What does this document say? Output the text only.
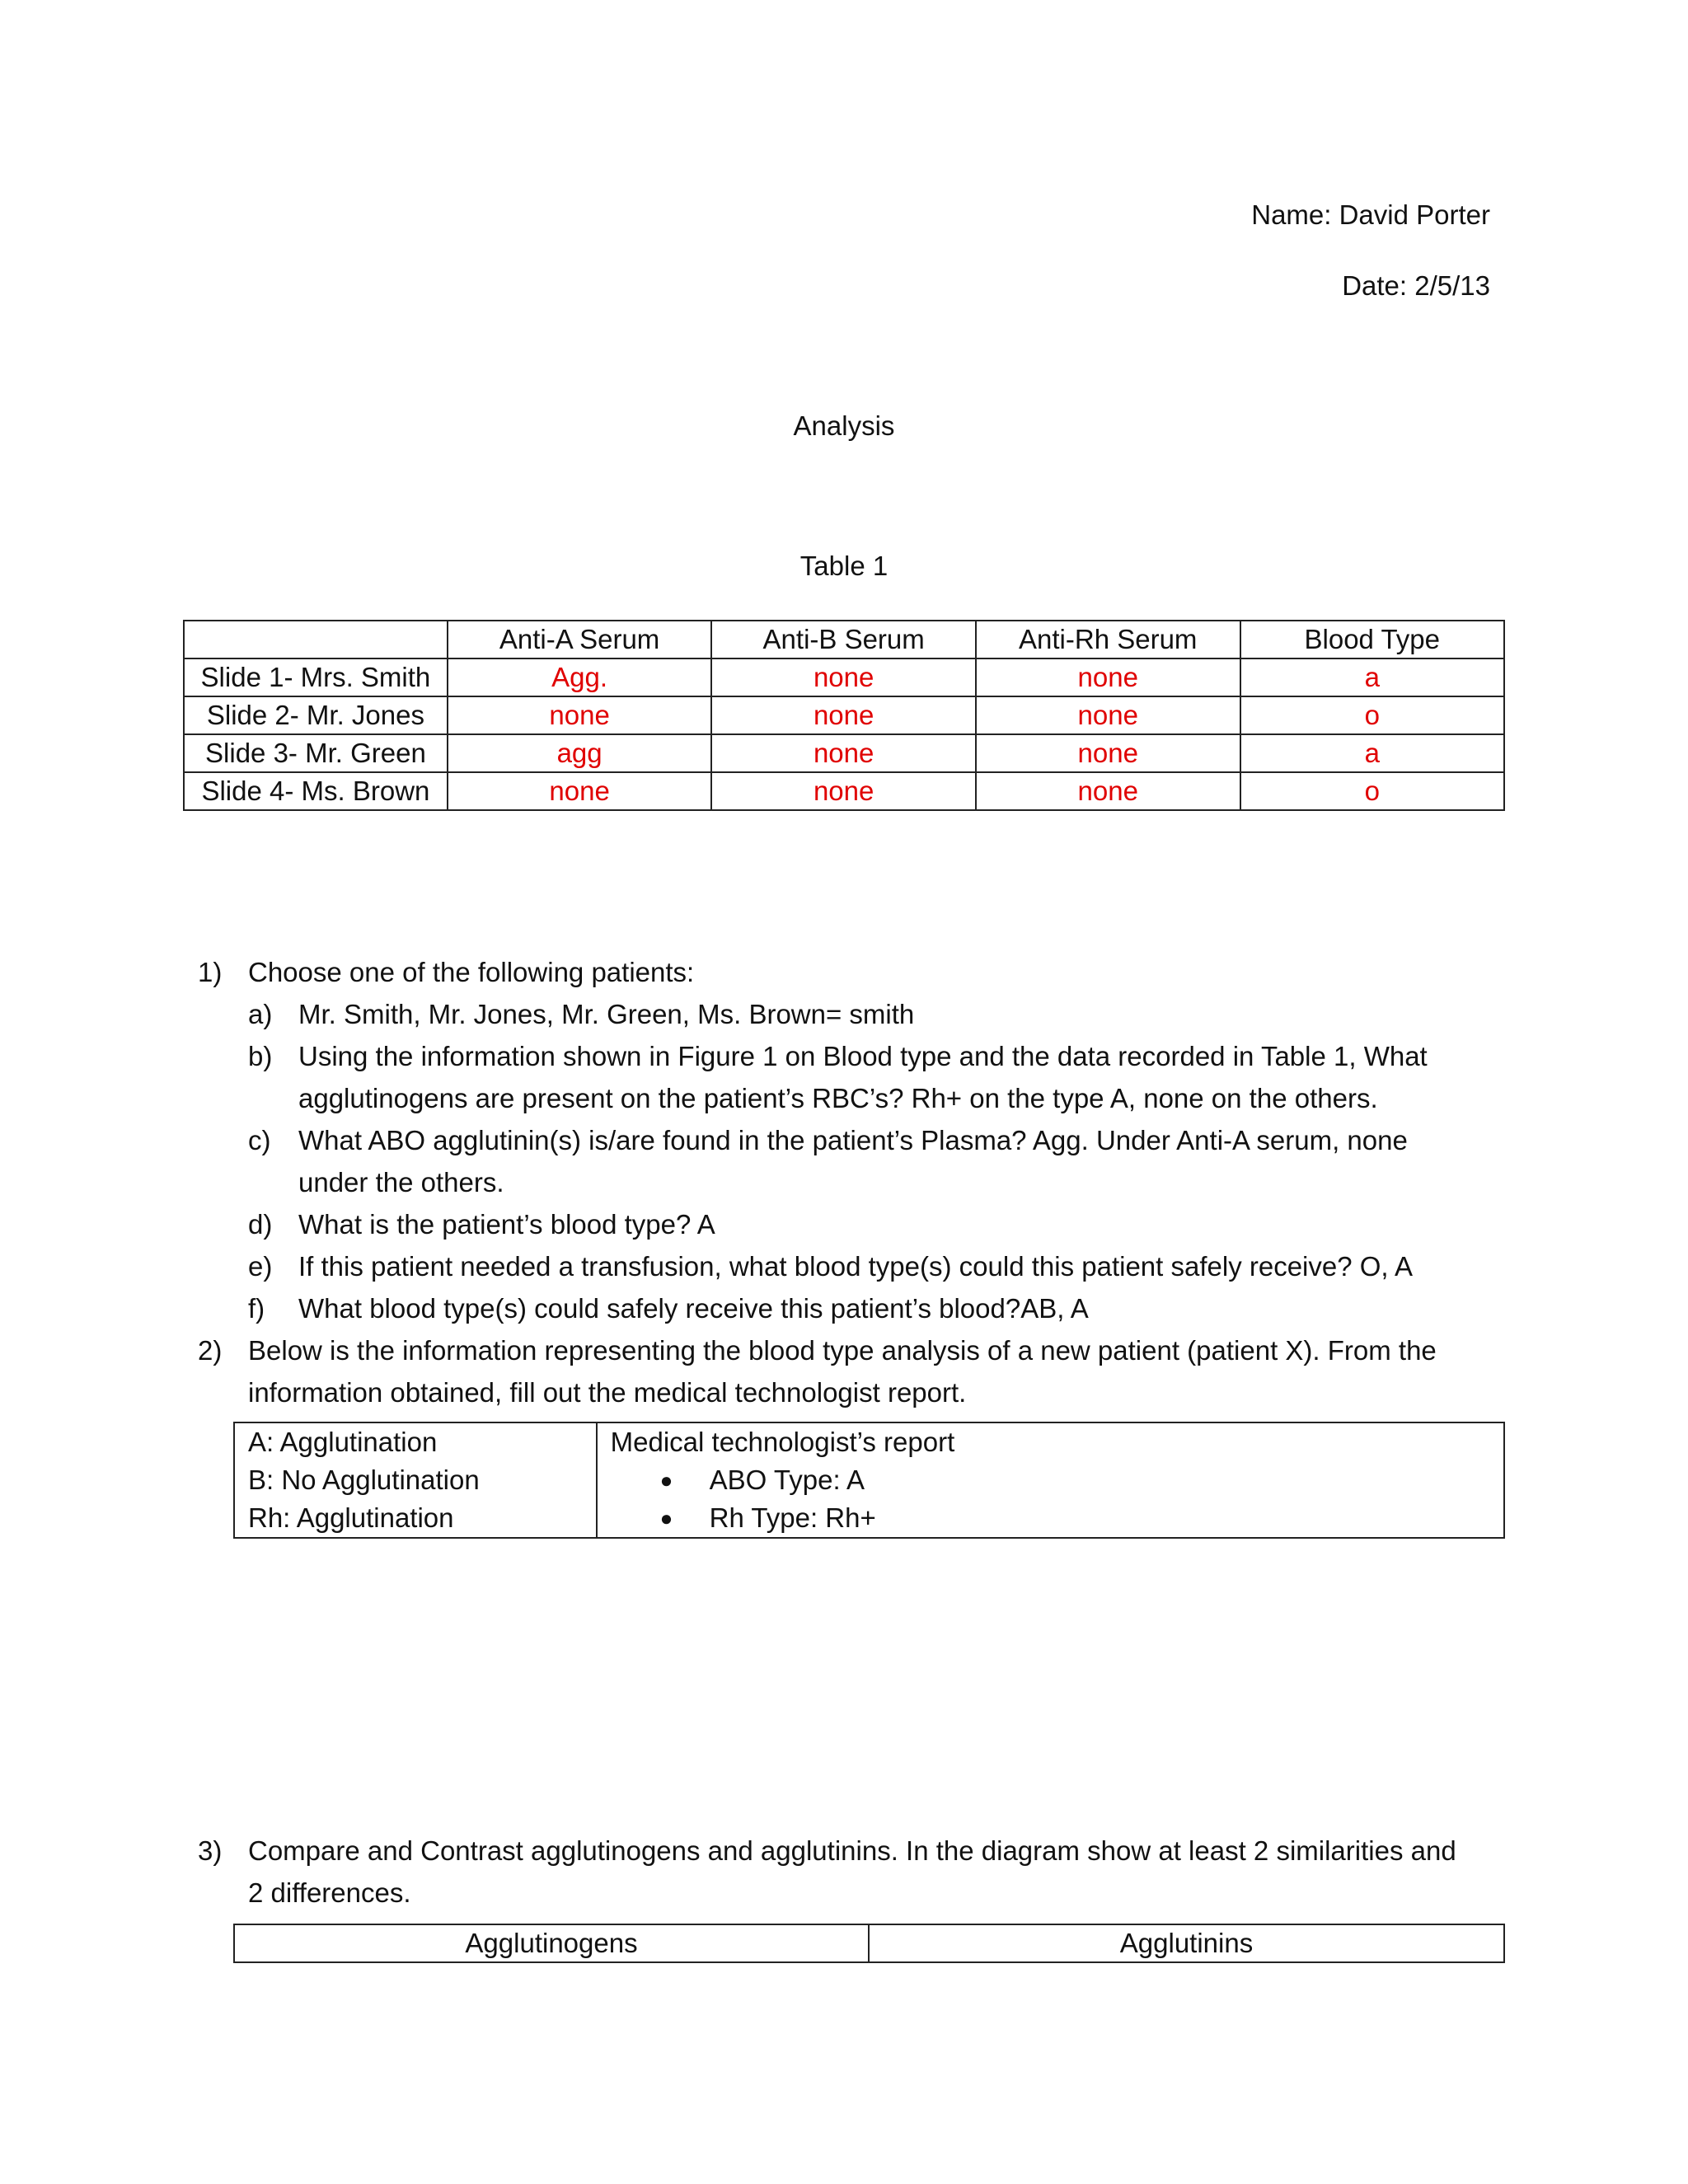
Name: David Porter
Date: 2/5/13
Analysis
Table 1
	Anti-A Serum	Anti-B Serum	Anti-Rh Serum	Blood Type
Slide 1- Mrs. Smith	Agg.	none	none	a
Slide 2- Mr. Jones	none	none	none	o
Slide 3- Mr. Green	agg	none	none	a
Slide 4- Ms. Brown	none	none	none	o
1) Choose one of the following patients:
a) Mr. Smith, Mr. Jones, Mr. Green, Ms. Brown= smith
b) Using the information shown in Figure 1 on Blood type and the data recorded in Table 1, What
agglutinogens are present on the patient’s RBC’s? Rh+ on the type A, none on the others.
c) What ABO agglutinin(s) is/are found in the patient’s Plasma? Agg. Under Anti-A serum, none
under the others.
d) What is the patient’s blood type? A
e) If this patient needed a transfusion, what blood type(s) could this patient safely receive? O, A
f) What blood type(s) could safely receive this patient’s blood?AB, A
2) Below is the information representing the blood type analysis of a new patient (patient X). From the
information obtained, fill out the medical technologist report.
A: Agglutination
B: No Agglutination
Rh: Agglutination

Medical technologist’s report
● ABO Type: A
● Rh Type: Rh+
3) Compare and Contrast agglutinogens and agglutinins. In the diagram show at least 2 similarities and
2 differences.
Agglutinogens	Agglutinins
